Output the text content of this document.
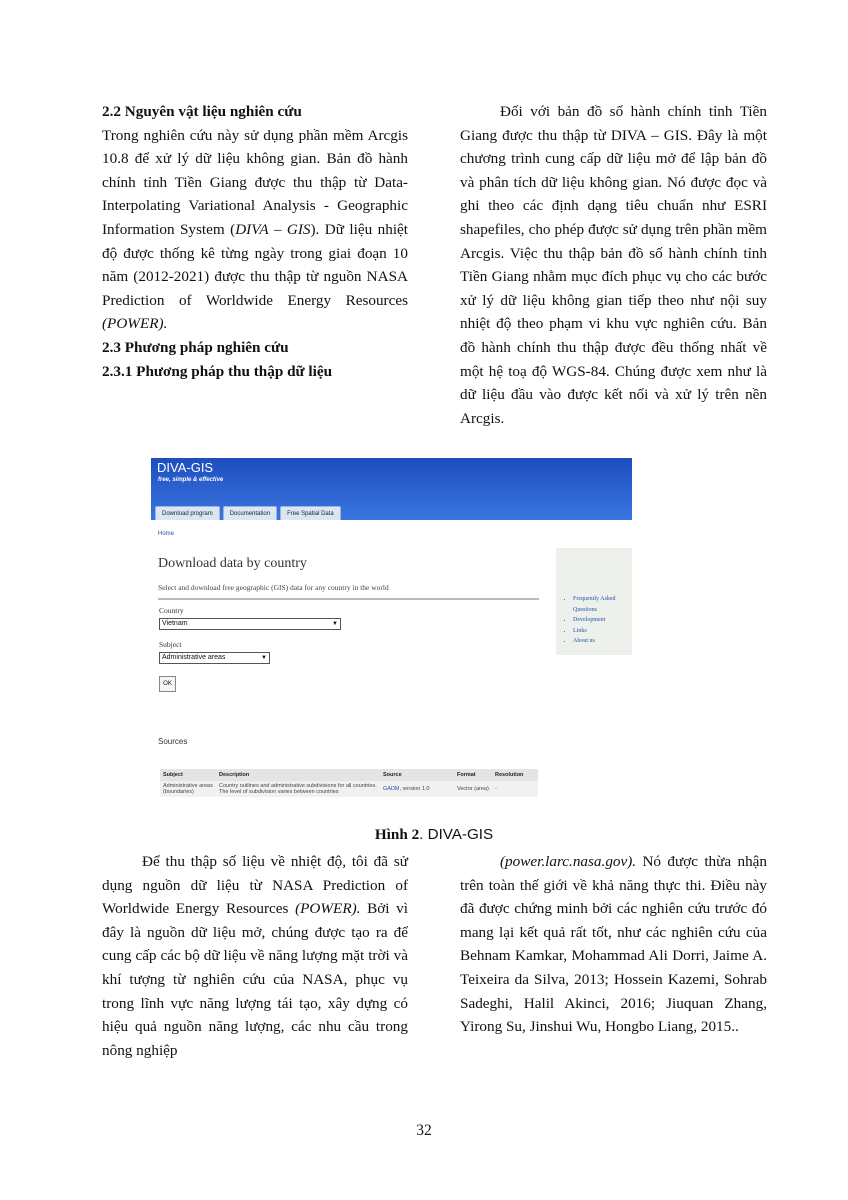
2.2 Nguyên vật liệu nghiên cứu

Trong nghiên cứu này sử dụng phần mềm Arcgis 10.8 để xử lý dữ liệu không gian. Bản đồ hành chính tỉnh Tiền Giang được thu thập từ Data-Interpolating Variational Analysis - Geographic Information System (DIVA – GIS). Dữ liệu nhiệt độ được thống kê từng ngày trong giai đoạn 10 năm (2012-2021) được thu thập từ nguồn NASA Prediction of Worldwide Energy Resources (POWER).

2.3 Phương pháp nghiên cứu

2.3.1 Phương pháp thu thập dữ liệu

Đối với bản đồ số hành chính tỉnh Tiền Giang được thu thập từ DIVA – GIS. Đây là một chương trình cung cấp dữ liệu mở để lập bản đồ và phân tích dữ liệu không gian. Nó được đọc và ghi theo các định dạng tiêu chuẩn như ESRI shapefiles, cho phép được sử dụng trên phần mềm Arcgis. Việc thu thập bản đồ số hành chính tỉnh Tiền Giang nhằm mục đích phục vụ cho các bước xử lý dữ liệu không gian tiếp theo như nội suy nhiệt độ theo phạm vi khu vực nghiên cứu. Bản đồ hành chính thu thập được đều thống nhất về một hệ toạ độ WGS-84. Chúng được xem như là dữ liệu đầu vào được kết nối và xử lý trên nền Arcgis.

DIVA-GIS
free, simple & effective
Download program	Documentation	Free Spatial Data
Home
Download data by country
Select and download free geographic (GIS) data for any country in the world
Country
Vietnam	▼
Subject
Administrative areas	▼
OK
Sources
Subject	Description	Source	Format	Resolution
Administrative areas (boundaries)	Country outlines and administrative subdivisions for all countries. The level of subdivision varies between countries	GADM, version 1.0	Vector (area)	-
• Frequently Asked Questions
• Development
• Links
• About us
Hình 2. DIVA-GIS

Để thu thập số liệu về nhiệt độ, tôi đã sử dụng nguồn dữ liệu từ NASA Prediction of Worldwide Energy Resources (POWER). Bởi vì đây là nguồn dữ liệu mở, chúng được tạo ra để cung cấp các bộ dữ liệu về năng lượng mặt trời và khí tượng từ nghiên cứu của NASA, phục vụ trong lĩnh vực năng lượng tái tạo, xây dựng có hiệu quả nguồn năng lượng, các nhu cầu trong nông nghiệp

(power.larc.nasa.gov). Nó được thừa nhận trên toàn thế giới về khả năng thực thi. Điều này đã được chứng minh bởi các nghiên cứu trước đó mang lại kết quả rất tốt, như các nghiên cứu của Behnam Kamkar, Mohammad Ali Dorri, Jaime A. Teixeira da Silva, 2013; Hossein Kazemi, Sohrab Sadeghi, Halil Akinci, 2016; Jiuquan Zhang, Yirong Su, Jinshui Wu, Hongbo Liang, 2015..

32
